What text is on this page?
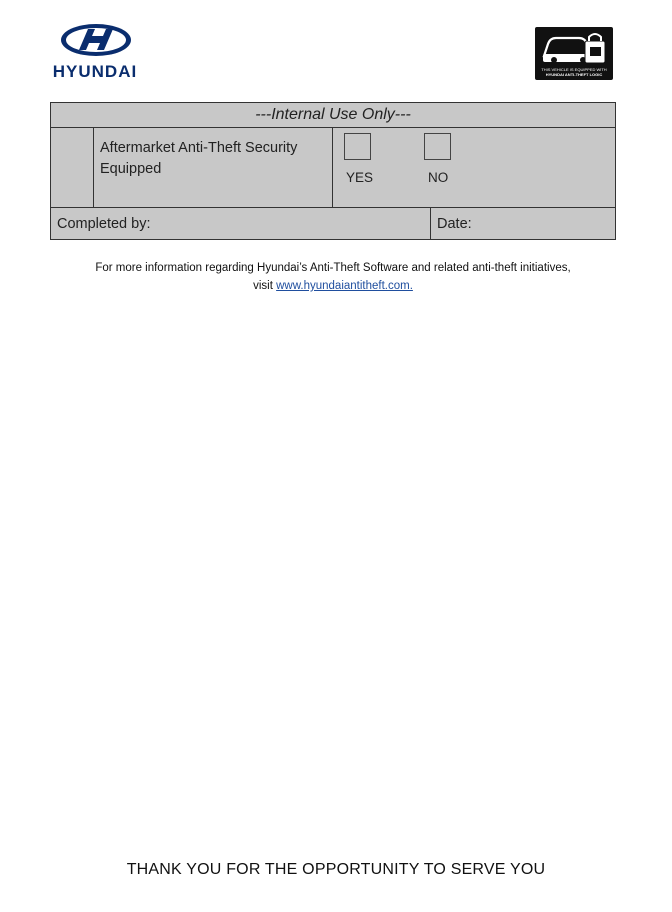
HYUNDAI	THIS VEHICLE IS EQUIPPED WITH
HYUNDAI ANTI-THEFT LOGIC
---Internal Use Only---
Aftermarket Anti-Theft Security Equipped
YES	NO
Completed by:	Date:
For more information regarding Hyundai’s Anti-Theft Software and related anti-theft initiatives,
visit www.hyundaiantitheft.com.
THANK YOU FOR THE OPPORTUNITY TO SERVE YOU
